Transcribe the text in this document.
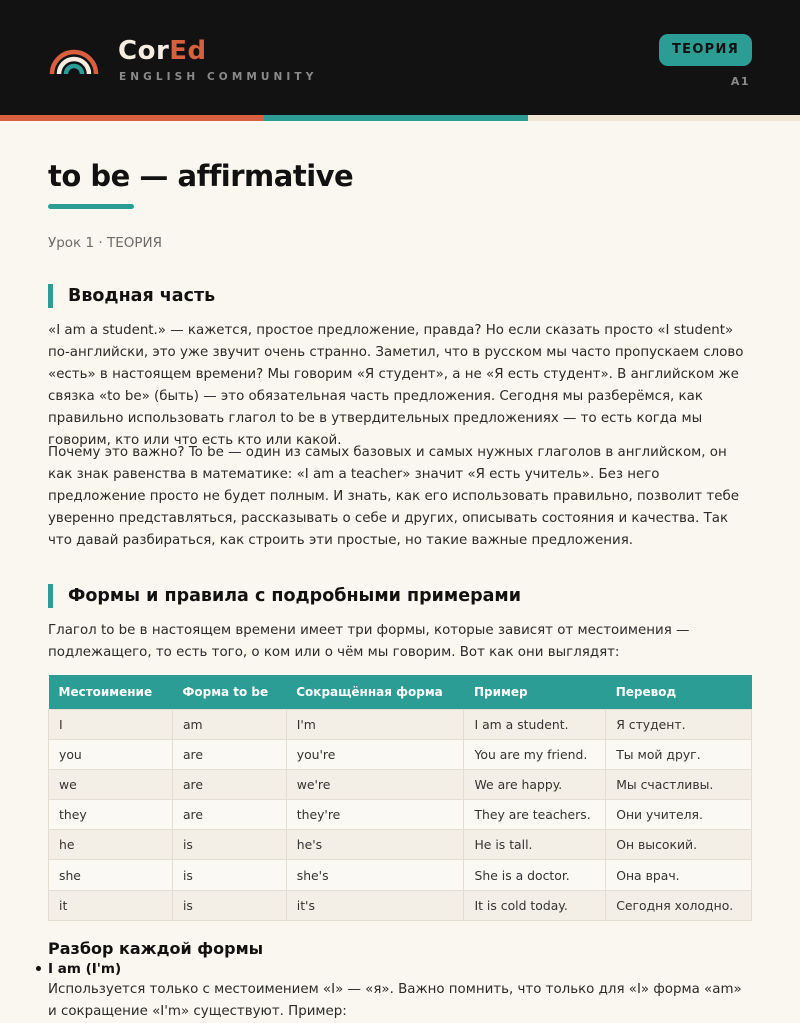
CorEd
ENGLISH COMMUNITY
ТЕОРИЯ
A1
to be — affirmative
Урок 1 · ТЕОРИЯ
Вводная часть

«I am a student.» — кажется, простое предложение, правда? Но если сказать просто «I student» по-английски, это уже звучит очень странно. Заметил, что в русском мы часто пропускаем слово «есть» в настоящем времени? Мы говорим «Я студент», а не «Я есть студент». В английском же связка «to be» (быть) — это обязательная часть предложения. Сегодня мы разберёмся, как правильно использовать глагол to be в утвердительных предложениях — то есть когда мы говорим, кто или что есть кто или какой.

Почему это важно? To be — один из самых базовых и самых нужных глаголов в английском, он как знак равенства в математике: «I am a teacher» значит «Я есть учитель». Без него предложение просто не будет полным. И знать, как его использовать правильно, позволит тебе уверенно представляться, рассказывать о себе и других, описывать состояния и качества. Так что давай разбираться, как строить эти простые, но такие важные предложения.

Формы и правила с подробными примерами

Глагол to be в настоящем времени имеет три формы, которые зависят от местоимения — подлежащего, то есть того, о ком или о чём мы говорим. Вот как они выглядят:

Местоимение	Форма to be	Сокращённая форма	Пример	Перевод
I	am	I'm	I am a student.	Я студент.
you	are	you're	You are my friend.	Ты мой друг.
we	are	we're	We are happy.	Мы счастливы.
they	are	they're	They are teachers.	Они учителя.
he	is	he's	He is tall.	Он высокий.
she	is	she's	She is a doctor.	Она врач.
it	is	it's	It is cold today.	Сегодня холодно.
Разбор каждой формы
I am (I'm)

Используется только с местоимением «I» — «я». Важно помнить, что только для «I» форма «am» и сокращение «I'm» существуют. Пример:
